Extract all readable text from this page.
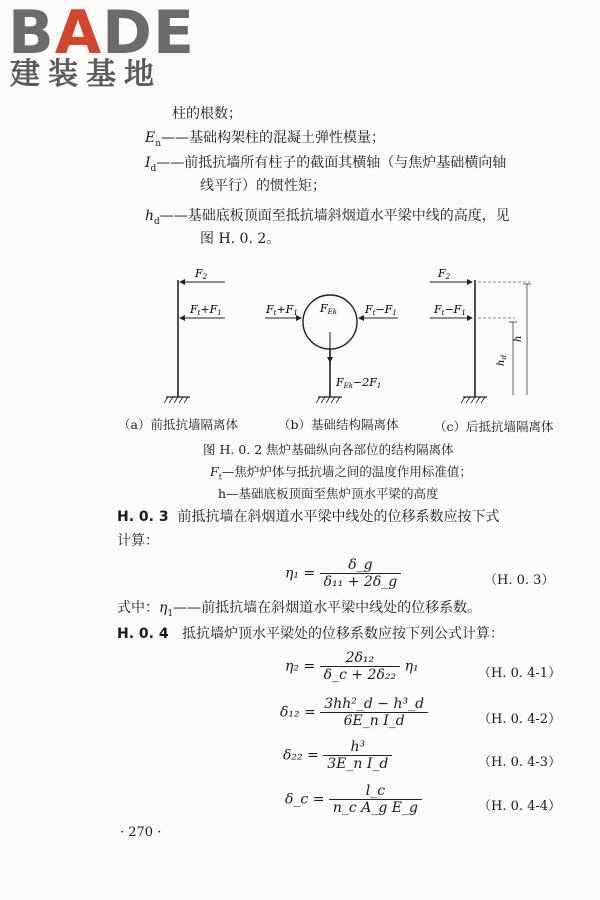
BADE
建装基地
柱的根数；
$E_n——$基础构架柱的混凝土弹性模量；
$I_d——$前抵抗墙所有柱子的截面其横轴（与焦炉基础横向轴
线平行）的惯性矩；
$h_d——$基础底板顶面至抵抗墙斜烟道水平梁中线的高度，见
图 H. 0. 2。
F2
Ft+F1	Ft+F1 FEk	Ft−F1
FEk−2F1
F2
Ft−F1
$h_d$
h
（a）前抵抗墙隔离体	（b）基础结构隔离体	（c）后抵抗墙隔离体
图 H. 0. 2 焦炉基础纵向各部位的结构隔离体
$F_t—$焦炉炉体与抵抗墙之间的温度作用标准值；
h—基础底板顶面至焦炉顶水平梁的高度
H. 0. 3 前抵抗墙在斜烟道水平梁中线处的位移系数应按下式
计算：
$\eta_1 = \frac{\delta\_g}{\text{δ₁₁ + 2δ\_g}}$	（H. 0. 3）
式中：$\eta_1——$前抵抗墙在斜烟道水平梁中线处的位移系数。
H. 0. 4 抵抗墙炉顶水平梁处的位移系数应按下列公式计算：
$\eta_2 = \frac{\text{2δ₁₂}}{\text{δ\_c + 2δ₂₂}} \eta_1$	（H. 0. 4-1）
$\delta_{12} = \frac{\text{3hh²\_d − h³\_d}}{\text{6E\_n I\_d}}$	（H. 0. 4-2）
$\delta_{22} = \frac{\text{h³}}{\text{3E\_n I\_d}}$	（H. 0. 4-3）
δ_c = $\frac{l\_c}{\text{n\_c A\_g E\_g}}$	（H. 0. 4-4）
· 270 ·
